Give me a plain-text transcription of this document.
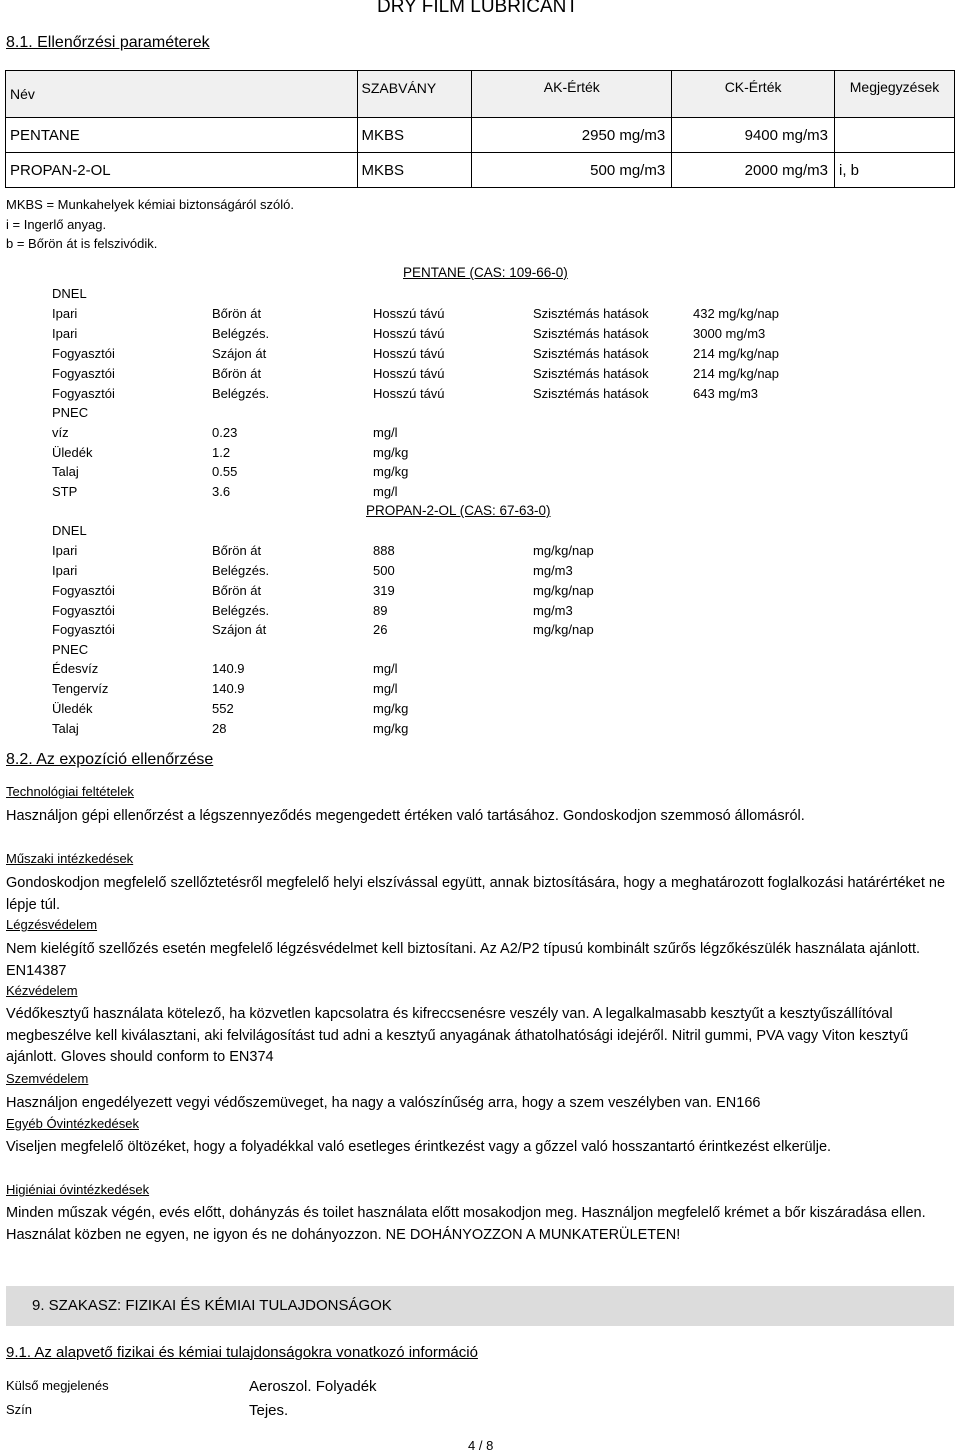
DRY FILM LUBRICANT
8.1. Ellenőrzési paraméterek
Név	SZABVÁNY	AK-Érték	CK-Érték	Megjegyzések
PENTANE	MKBS	2950 mg/m3	9400 mg/m3	
PROPAN-2-OL	MKBS	500 mg/m3	2000 mg/m3	i, b
MKBS = Munkahelyek kémiai biztonságáról szóló.
i = Ingerlő anyag.
b = Bőrön át is felszivódik.
PENTANE (CAS: 109-66-0)
DNEL
Ipari	Bőrön át	Hosszú távú	Szisztémás hatások	432 mg/kg/nap
Ipari	Belégzés.	Hosszú távú	Szisztémás hatások	3000 mg/m3
Fogyasztói	Szájon át	Hosszú távú	Szisztémás hatások	214 mg/kg/nap
Fogyasztói	Bőrön át	Hosszú távú	Szisztémás hatások	214 mg/kg/nap
Fogyasztói	Belégzés.	Hosszú távú	Szisztémás hatások	643 mg/m3
PNEC
víz	0.23	mg/l
Üledék	1.2	mg/kg
Talaj	0.55	mg/kg
STP	3.6	mg/l
PROPAN-2-OL (CAS: 67-63-0)
DNEL
Ipari	Bőrön át	888	mg/kg/nap
Ipari	Belégzés.	500	mg/m3
Fogyasztói	Bőrön át	319	mg/kg/nap
Fogyasztói	Belégzés.	89	mg/m3
Fogyasztói	Szájon át	26	mg/kg/nap
PNEC
Édesvíz	140.9	mg/l
Tengervíz	140.9	mg/l
Üledék	552	mg/kg
Talaj	28	mg/kg
8.2. Az expozíció ellenőrzése
Technológiai feltételek
Használjon gépi ellenőrzést a légszennyeződés megengedett értéken való tartásához. Gondoskodjon szemmosó állomásról.
Műszaki intézkedések
Gondoskodjon megfelelő szellőztetésről megfelelő helyi elszívással együtt, annak biztosítására, hogy a meghatározott foglalkozási határértéket ne lépje túl.
Légzésvédelem
Nem kielégítő szellőzés esetén megfelelő légzésvédelmet kell biztosítani. Az A2/P2 típusú kombinált szűrős légzőkészülék használata ajánlott. EN14387
Kézvédelem
Védőkesztyű használata kötelező, ha közvetlen kapcsolatra és kifreccsenésre veszély van. A legalkalmasabb kesztyűt a kesztyűszállítóval megbeszélve kell kiválasztani, aki felvilágosítást tud adni a kesztyű anyagának áthatolhatósági idejéről. Nitril gummi, PVA vagy Viton kesztyű ajánlott. Gloves should conform to EN374
Szemvédelem
Használjon engedélyezett vegyi védőszemüveget, ha nagy a valószínűség arra, hogy a szem veszélyben van. EN166
Egyéb Óvintézkedések
Viseljen megfelelő öltözéket, hogy a folyadékkal való esetleges érintkezést vagy a gőzzel való hosszantartó érintkezést elkerülje.
Higiéniai óvintézkedések
Minden műszak végén, evés előtt, dohányzás és toilet használata előtt mosakodjon meg. Használjon megfelelő krémet a bőr kiszáradása ellen. Használat közben ne egyen, ne igyon és ne dohányozzon. NE DOHÁNYOZZON A MUNKATERÜLETEN!
9. SZAKASZ: FIZIKAI ÉS KÉMIAI TULAJDONSÁGOK
9.1. Az alapvető fizikai és kémiai tulajdonságokra vonatkozó információ
Külső megjelenés	Aeroszol. Folyadék
Szín	Tejes.
4 / 8
